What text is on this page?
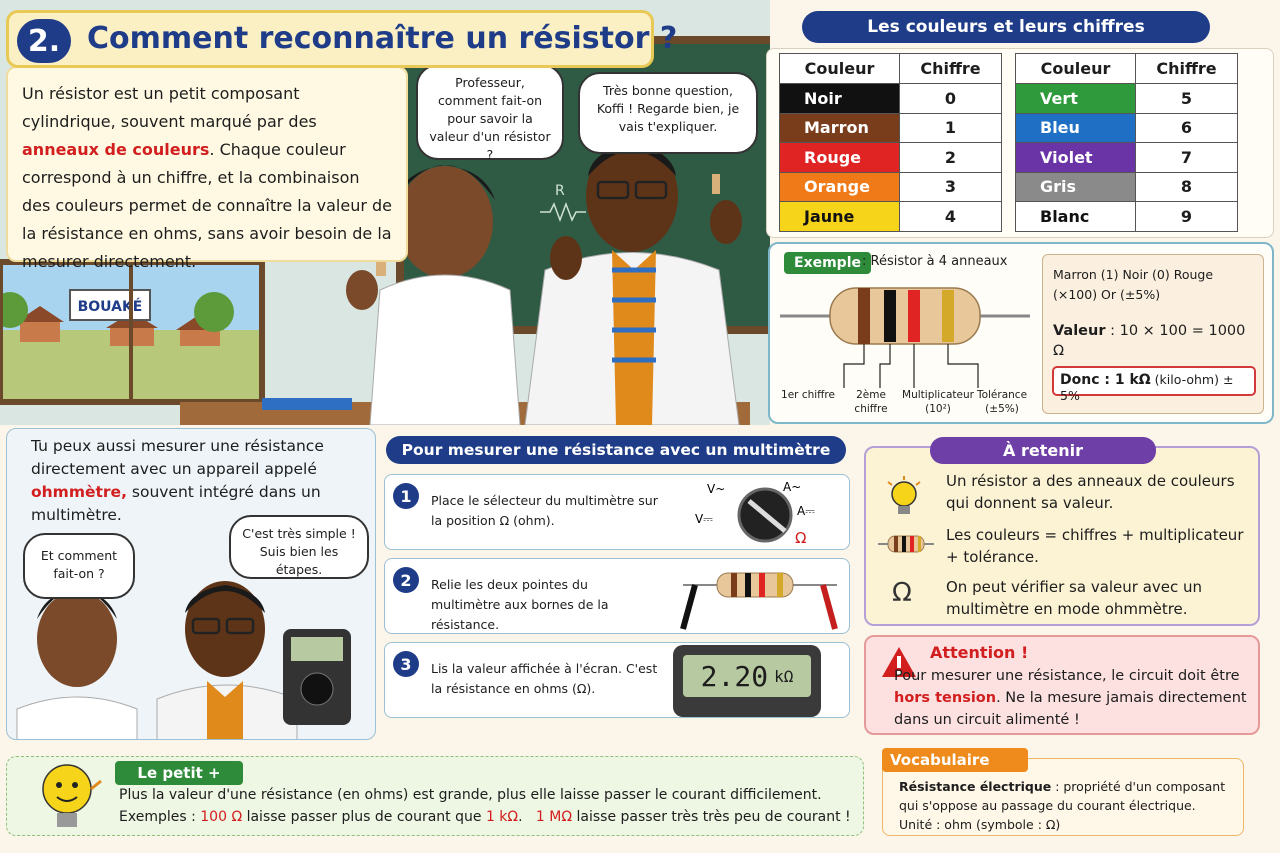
R
BOUAKÉ
2. Comment reconnaître un résistor ?
Un résistor est un petit composant cylindrique, souvent marqué par des anneaux de couleurs. Chaque couleur correspond à un chiffre, et la combinaison des couleurs permet de connaître la valeur de la résistance en ohms, sans avoir besoin de la mesurer directement.
Professeur, comment fait-on pour savoir la valeur d'un résistor ?
Très bonne question, Koffi ! Regarde bien, je vais t'expliquer.
Les couleurs et leurs chiffres
Couleur	Chiffre
Noir	0
Marron	1
Rouge	2
Orange	3
Jaune	4
Couleur	Chiffre
Vert	5
Bleu	6
Violet	7
Gris	8
Blanc	9
Exemple : Résistor à 4 anneaux
1er chiffre	2ème chiffre
Multiplicateur (10²)
Tolérance (±5%)
Marron (1) Noir (0) Rouge (×100) Or (±5%)
Valeur : 10 × 100 = 1000 Ω
Donc : 1 kΩ (kilo-ohm) ± 5%
Tu peux aussi mesurer une résistance directement avec un appareil appelé ohmmètre, souvent intégré dans un multimètre.
Et comment fait-on ?
C'est très simple ! Suis bien les étapes.
Pour mesurer une résistance avec un multimètre
1	Place le sélecteur du multimètre sur la position Ω (ohm).
V~
V⎓
A~
A⎓
Ω
2	Relie les deux pointes du multimètre aux bornes de la résistance.
3	Lis la valeur affichée à l'écran. C'est la résistance en ohms (Ω).	2.20 kΩ
Ω
Un résistor a des anneaux de couleurs qui donnent sa valeur.
Les couleurs = chiffres + multiplicateur + tolérance.
On peut vérifier sa valeur avec un multimètre en mode ohmmètre.
À retenir
Attention !
Pour mesurer une résistance, le circuit doit être hors tension. Ne la mesure jamais directement dans un circuit alimenté !
Le petit +
Plus la valeur d'une résistance (en ohms) est grande, plus elle laisse passer le courant difficilement.
Exemples : 100 Ω laisse passer plus de courant que 1 kΩ.   1 MΩ laisse passer très très peu de courant !
Résistance électrique : propriété d'un composant qui s'oppose au passage du courant électrique.
Unité : ohm (symbole : Ω)
Vocabulaire
